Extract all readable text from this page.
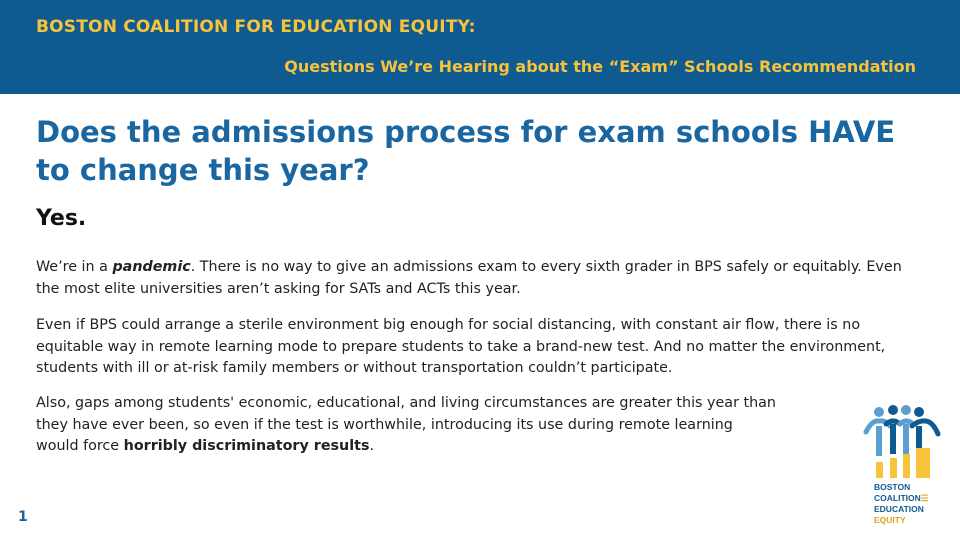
BOSTON COALITION FOR EDUCATION EQUITY:
Questions We’re Hearing about the “Exam” Schools Recommendation
Does the admissions process for exam schools HAVE to change this year?
Yes.
We’re in a pandemic. There is no way to give an admissions exam to every sixth grader in BPS safely or equitably. Even the most elite universities aren’t asking for SATs and ACTs this year.
Even if BPS could arrange a sterile environment big enough for social distancing, with constant air flow, there is no equitable way in remote learning mode to prepare students to take a brand-new test. And no matter the environment, students with ill or at-risk family members or without transportation couldn’t participate.
Also, gaps among students' economic, educational, and living circumstances are greater this year than they have ever been, so even if the test is worthwhile, introducing its use during remote learning would force horribly discriminatory results.
1
BOSTON
COALITION☰
EDUCATION
EQUITY
